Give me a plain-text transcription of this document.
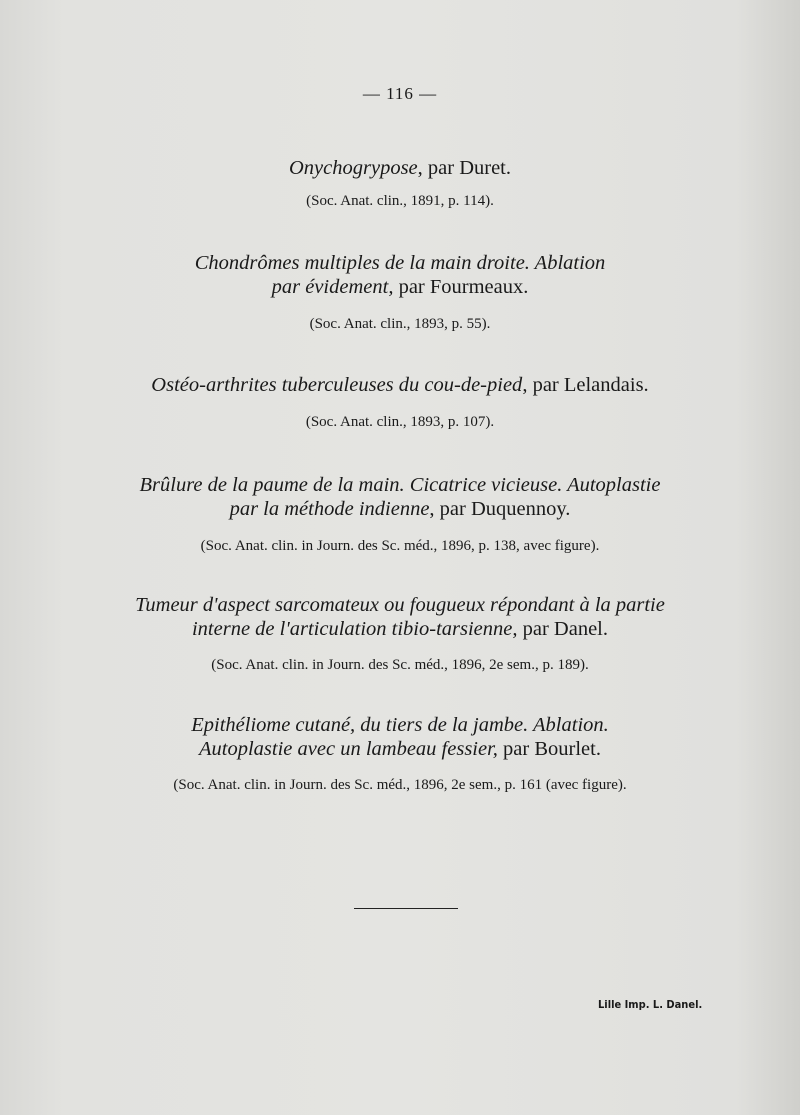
— 116 —
Onychogrypose, par Duret.
(Soc. Anat. clin., 1891, p. 114).
Chondrômes multiples de la main droite. Ablation
par évidement, par Fourmeaux.
(Soc. Anat. clin., 1893, p. 55).
Ostéo-arthrites tuberculeuses du cou-de-pied, par Lelandais.
(Soc. Anat. clin., 1893, p. 107).
Brûlure de la paume de la main. Cicatrice vicieuse. Autoplastie
par la méthode indienne, par Duquennoy.
(Soc. Anat. clin. in Journ. des Sc. méd., 1896, p. 138, avec figure).
Tumeur d'aspect sarcomateux ou fougueux répondant à la partie
interne de l'articulation tibio-tarsienne, par Danel.
(Soc. Anat. clin. in Journ. des Sc. méd., 1896, 2e sem., p. 189).
Epithéliome cutané, du tiers de la jambe. Ablation.
Autoplastie avec un lambeau fessier, par Bourlet.
(Soc. Anat. clin. in Journ. des Sc. méd., 1896, 2e sem., p. 161 (avec figure).
Lille Imp. L. Danel.
